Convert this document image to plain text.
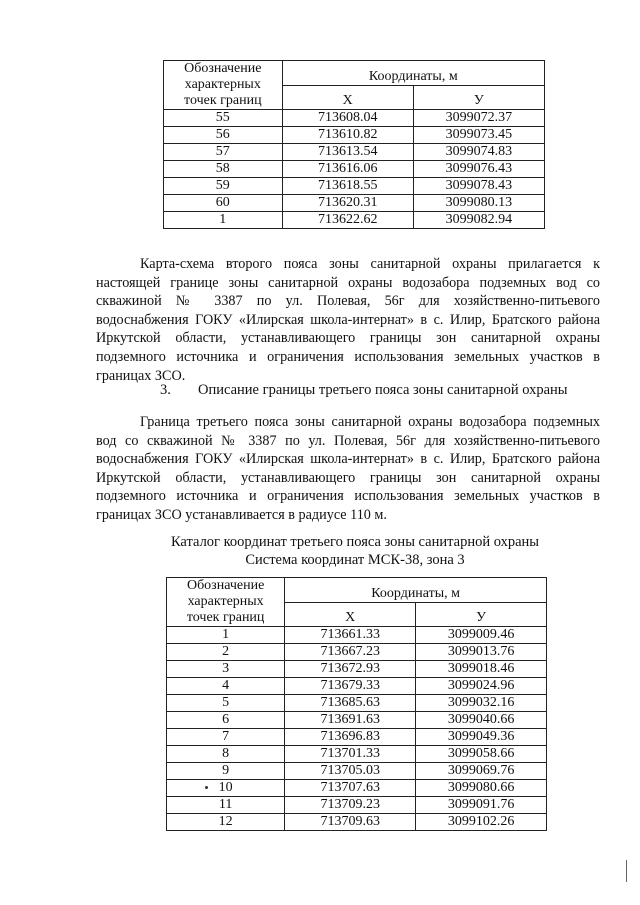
Обозначение характерных точек границ	Координаты, м	
	X	У
55	713608.04	3099072.37
56	713610.82	3099073.45
57	713613.54	3099074.83
58	713616.06	3099076.43
59	713618.55	3099078.43
60	713620.31	3099080.13
1	713622.62	3099082.94

Карта-схема второго пояса зоны санитарной охраны прилагается к настоящей границе зоны санитарной охраны водозабора подземных вод со скважиной № 3387 по ул. Полевая, 56г для хозяйственно-питьевого водоснабжения ГОКУ «Илирская школа-интернат» в с. Илир, Братского района Иркутской области, устанавливающего границы зон санитарной охраны подземного источника и ограничения использования земельных участков в границах ЗСО.

3. Описание границы третьего пояса зоны санитарной охраны

Граница третьего пояса зоны санитарной охраны водозабора подземных вод со скважиной № 3387 по ул. Полевая, 56г для хозяйственно-питьевого водоснабжения ГОКУ «Илирская школа-интернат» в с. Илир, Братского района Иркутской области, устанавливающего границы зон санитарной охраны подземного источника и ограничения использования земельных участков в границах ЗСО устанавливается в радиусе 110 м.

Каталог координат третьего пояса зоны санитарной охраны
Система координат МСК-38, зона 3
Обозначение характерных точек границ	Координаты, м	
	X	У
1	713661.33	3099009.46
2	713667.23	3099013.76
3	713672.93	3099018.46
4	713679.33	3099024.96
5	713685.63	3099032.16
6	713691.63	3099040.66
7	713696.83	3099049.36
8	713701.33	3099058.66
9	713705.03	3099069.76
10	713707.63	3099080.66
11	713709.23	3099091.76
12	713709.63	3099102.26
